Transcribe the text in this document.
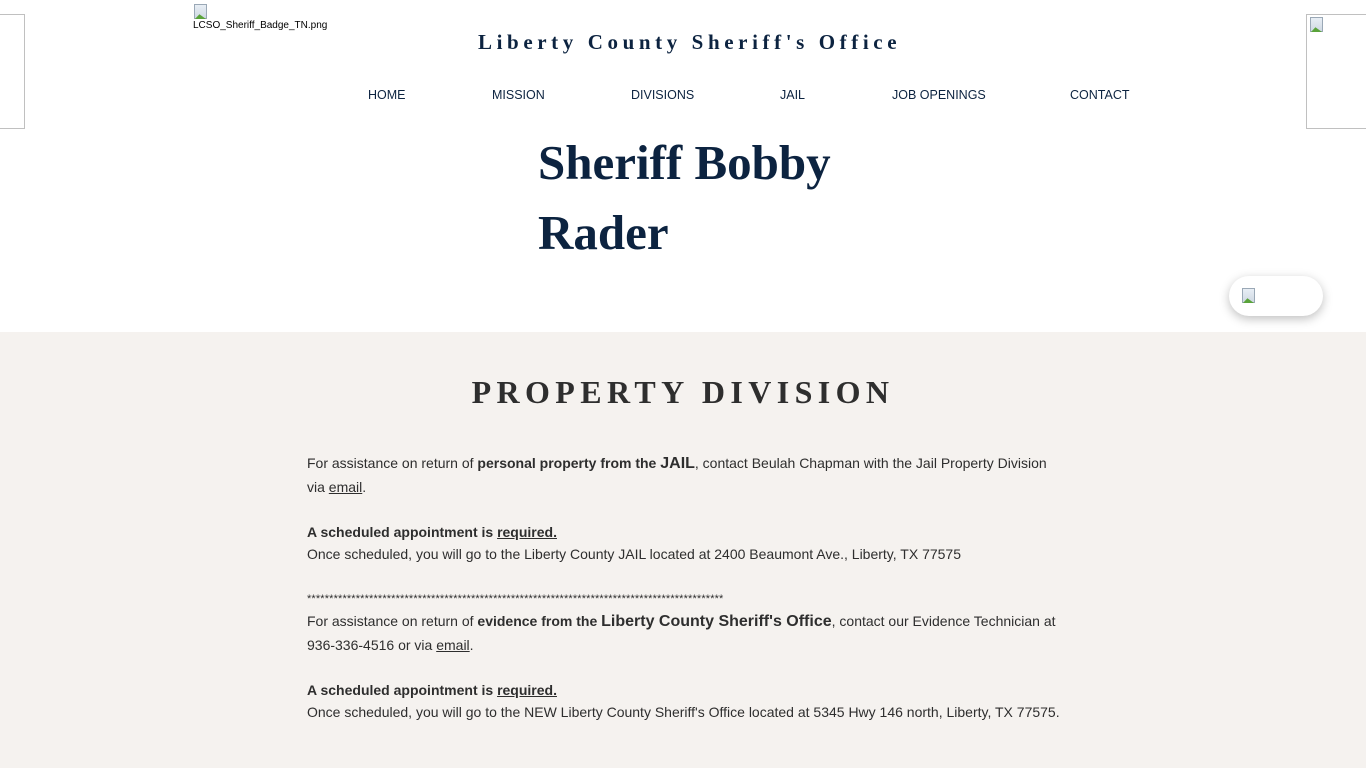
LCSO_Sheriff_Badge_TN.png
Liberty County Sheriff's Office
HOME	MISSION	DIVISIONS	JAIL	JOB OPENINGS	CONTACT
Sheriff Bobby Rader
PROPERTY DIVISION

For assistance on return of personal property from the JAIL, contact Beulah Chapman with the Jail Property Division via email.

A scheduled appointment is required.

Once scheduled, you will go to the Liberty County JAIL located at 2400 Beaumont Ave., Liberty, TX 77575

**********************************************************************************************

For assistance on return of evidence from the Liberty County Sheriff's Office, contact our Evidence Technician at 936-336-4516 or via email.

A scheduled appointment is required.

Once scheduled, you will go to the NEW Liberty County Sheriff's Office located at 5345 Hwy 146 north, Liberty, TX 77575.
